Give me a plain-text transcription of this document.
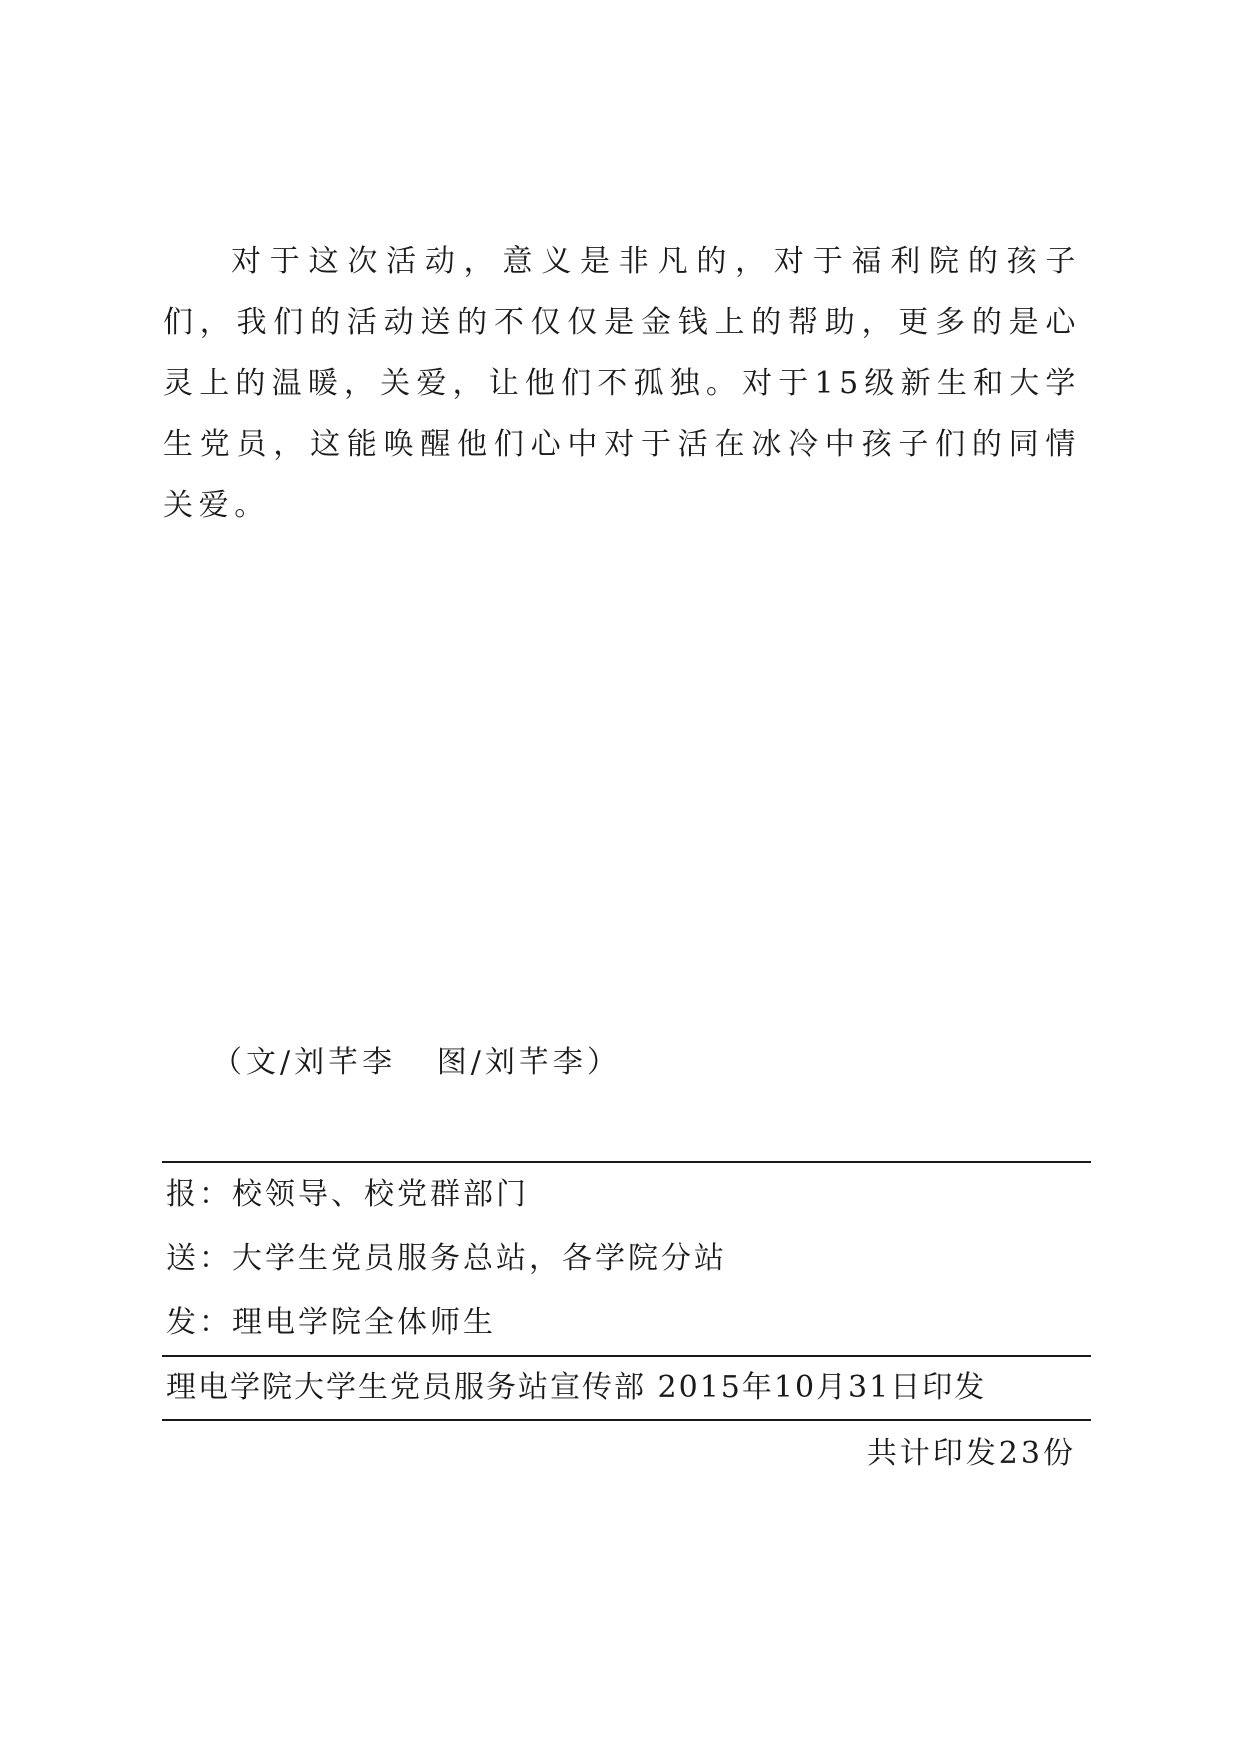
对于这次活动，意义是非凡的，对于福利院的孩子们，我们的活动送的不仅仅是金钱上的帮助，更多的是心灵上的温暖，关爱，让他们不孤独。对于15级新生和大学生党员，这能唤醒他们心中对于活在冰冷中孩子们的同情关爱。

（文/刘芊李   图/刘芊李）
报：校领导、校党群部门
送：大学生党员服务总站，各学院分站
发：理电学院全体师生
理电学院大学生党员服务站宣传部 2015年10月31日印发
共计印发23份
